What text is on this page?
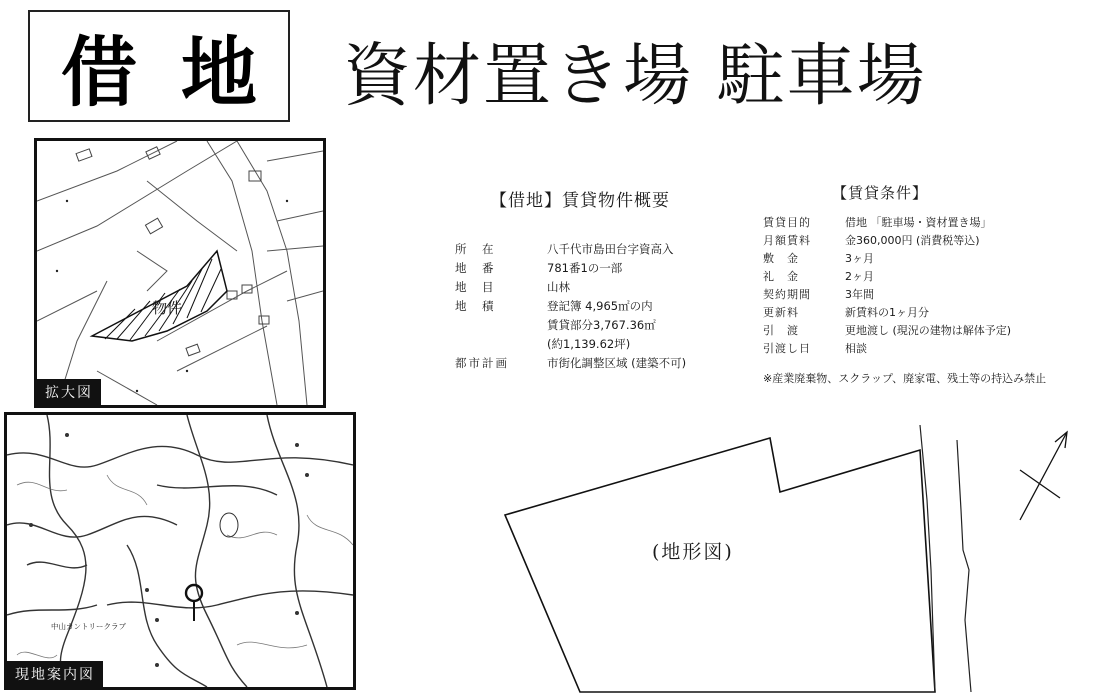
借地 資材置き場 駐車場
物件
拡大図
中山カントリークラブ
現地案内図
【借地】賃貸物件概要
所　在	八千代市島田台字資高入
地　番	781番1の一部
地　目	山林
地　積	登記簿 4,965㎡の内
	賃貸部分3,767.36㎡
	(約1,139.62坪)
都市計画	市街化調整区域 (建築不可)
【賃貸条件】
賃貸目的	借地 「駐車場・資材置き場」
月額賃料	金360,000円 (消費税等込)
敷　金	3ヶ月
礼　金	2ヶ月
契約期間	3年間
更新料	新賃料の1ヶ月分
引　渡	更地渡し (現況の建物は解体予定)
引渡し日	相談
※産業廃棄物、スクラップ、廃家電、残土等の持込み禁止
(地形図)
